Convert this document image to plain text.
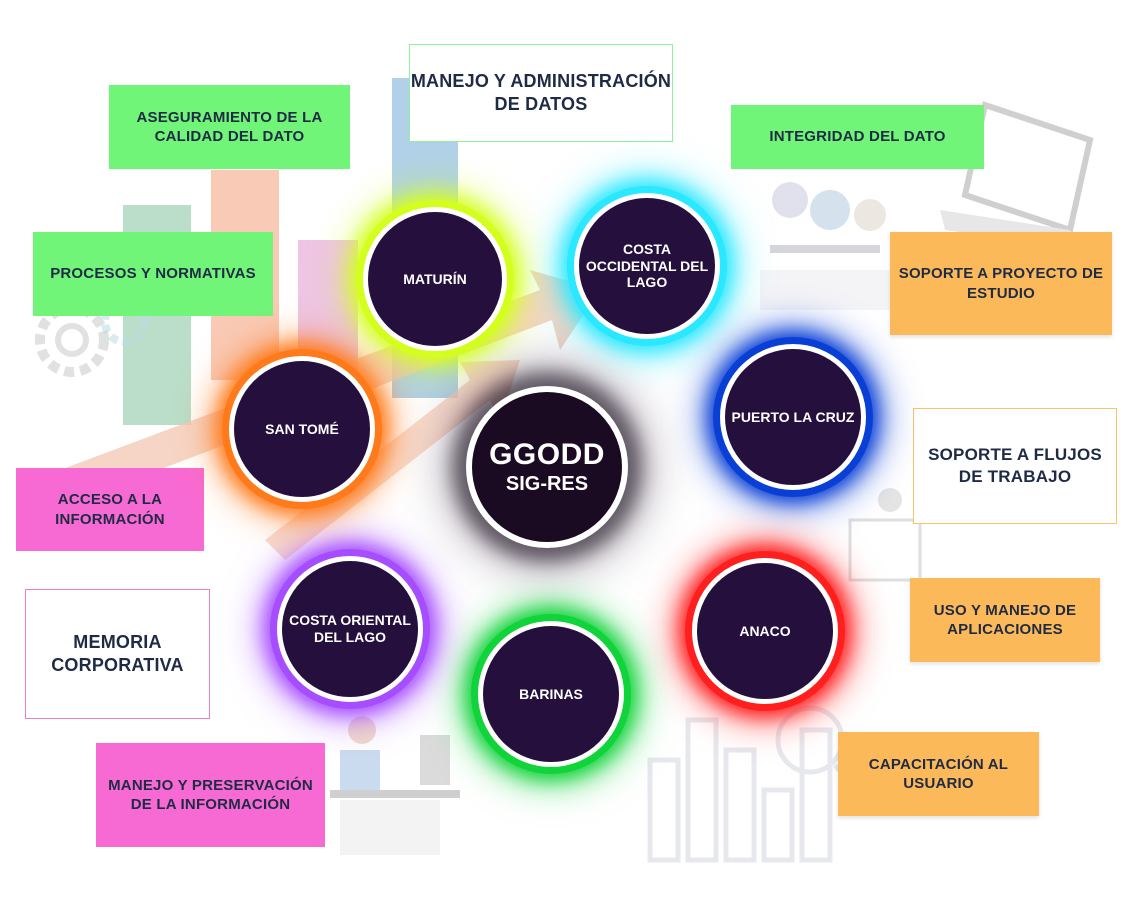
MANEJO Y ADMINISTRACIÓN DE DATOS
ASEGURAMIENTO DE LA CALIDAD DEL DATO	INTEGRIDAD DEL DATO
PROCESOS Y NORMATIVAS	SOPORTE A PROYECTO DE ESTUDIO
SOPORTE A FLUJOS DE TRABAJO
ACCESO A LA INFORMACIÓN
MEMORIA CORPORATIVA
USO Y MANEJO DE APLICACIONES
CAPACITACIÓN AL USUARIO
MANEJO Y PRESERVACIÓN DE LA INFORMACIÓN
MATURÍN
COSTA OCCIDENTAL DEL LAGO
PUERTO LA CRUZ
ANACO
BARINAS
COSTA ORIENTAL DEL LAGO
SAN TOMÉ
GGODD
SIG-RES
